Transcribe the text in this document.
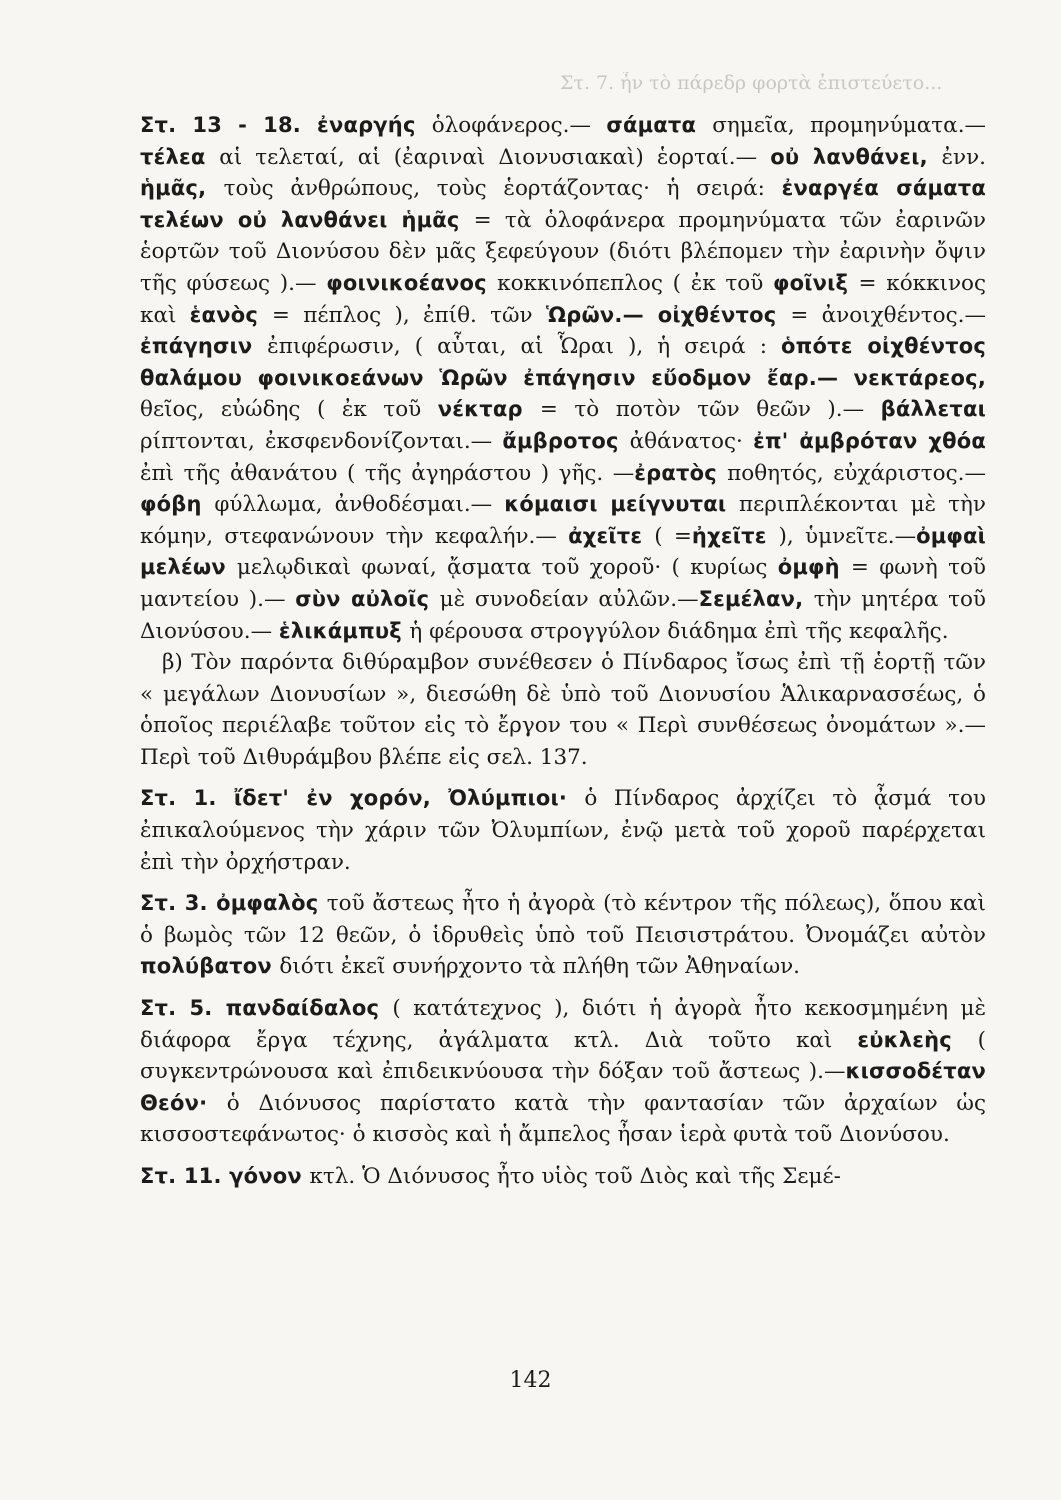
Στ. 7. ἦν τὸ πάρεδρ φορτὰ ἐπιστεύετο...

Στ. 13 - 18. ἐναργής ὁλοφάνερος.— σάματα σημεῖα, προμηνύματα.— τέλεα αἱ τελεταί, αἱ (ἐαριναὶ Διονυσιακαὶ) ἑορταί.— οὐ λανθάνει, ἐνν. ἡμᾶς, τοὺς ἀνθρώπους, τοὺς ἑορτάζοντας· ἡ σειρά: ἐναργέα σάματα τελέων οὐ λανθάνει ἡμᾶς = τὰ ὁλοφάνερα προμηνύματα τῶν ἐαρινῶν ἑορτῶν τοῦ Διονύσου δὲν μᾶς ξεφεύγουν (διότι βλέπομεν τὴν ἐαρινὴν ὄψιν τῆς φύσεως ).— φοινικοέανος κοκκινόπεπλος ( ἐκ τοῦ φοῖνιξ = κόκκινος καὶ ἑανὸς = πέπλος ), ἐπίθ. τῶν Ὡρῶν.— οἰχθέντος = ἀνοιχθέντος.— ἐπάγησιν ἐπιφέρωσιν, ( αὗται, αἱ Ὧραι ), ἡ σειρά : ὁπότε οἰχθέντος θαλάμου φοινικοεάνων Ὡρῶν ἐπάγησιν εὔοδμον ἔαρ.— νεκτάρεος, θεῖος, εὐώδης ( ἐκ τοῦ νέκταρ = τὸ ποτὸν τῶν θεῶν ).— βάλλεται ρίπτονται, ἐκσφενδονίζονται.— ἄμβροτος ἀθάνατος· ἐπ' ἀμβρόταν χθόα ἐπὶ τῆς ἀθανάτου ( τῆς ἀγηράστου ) γῆς. —ἐρατὸς ποθητός, εὐχάριστος.— φόβη φύλλωμα, ἀνθοδέσμαι.— κόμαισι μείγνυται περιπλέκονται μὲ τὴν κόμην, στεφανώνουν τὴν κεφαλήν.— ἀχεῖτε ( =ἠχεῖτε ), ὑμνεῖτε.—ὀμφαὶ μελέων μελῳδικαὶ φωναί, ᾄσματα τοῦ χοροῦ· ( κυρίως ὀμφὴ = φωνὴ τοῦ μαντείου ).— σὺν αὐλοῖς μὲ συνοδείαν αὐλῶν.—Σεμέλαν, τὴν μητέρα τοῦ Διονύσου.— ἑλικάμπυξ ἡ φέρουσα στρογγύλον διάδημα ἐπὶ τῆς κεφαλῆς.

β) Τὸν παρόντα διθύραμβον συνέθεσεν ὁ Πίνδαρος ἴσως ἐπὶ τῇ ἑορτῇ τῶν « μεγάλων Διονυσίων », διεσώθη δὲ ὑπὸ τοῦ Διονυσίου Ἁλικαρνασσέως, ὁ ὁποῖος περιέλαβε τοῦτον εἰς τὸ ἔργον του « Περὶ συνθέσεως ὀνομάτων ».— Περὶ τοῦ Διθυράμβου βλέπε εἰς σελ. 137.

Στ. 1. ἴδετ' ἐν χορόν, Ὀλύμπιοι· ὁ Πίνδαρος ἀρχίζει τὸ ᾆσμά του ἐπικαλούμενος τὴν χάριν τῶν Ὀλυμπίων, ἐνῷ μετὰ τοῦ χοροῦ παρέρχεται ἐπὶ τὴν ὀρχήστραν.

Στ. 3. ὀμφαλὸς τοῦ ἄστεως ἦτο ἡ ἀγορὰ (τὸ κέντρον τῆς πόλεως), ὅπου καὶ ὁ βωμὸς τῶν 12 θεῶν, ὁ ἱδρυθεὶς ὑπὸ τοῦ Πεισιστράτου. Ὀνομάζει αὐτὸν πολύβατον διότι ἐκεῖ συνήρχοντο τὰ πλήθη τῶν Ἀθηναίων.

Στ. 5. πανδαίδαλος ( κατάτεχνος ), διότι ἡ ἀγορὰ ἦτο κεκοσμημένη μὲ διάφορα ἔργα τέχνης, ἀγάλματα κτλ. Διὰ τοῦτο καὶ εὐκλεὴς ( συγκεντρώνουσα καὶ ἐπιδεικνύουσα τὴν δόξαν τοῦ ἄστεως ).—κισσοδέταν Θεόν· ὁ Διόνυσος παρίστατο κατὰ τὴν φαντασίαν τῶν ἀρχαίων ὡς κισσοστεφάνωτος· ὁ κισσὸς καὶ ἡ ἄμπελος ἦσαν ἱερὰ φυτὰ τοῦ Διονύσου.

Στ. 11. γόνον κτλ. Ὁ Διόνυσος ἦτο υἱὸς τοῦ Διὸς καὶ τῆς Σεμέ-

142
